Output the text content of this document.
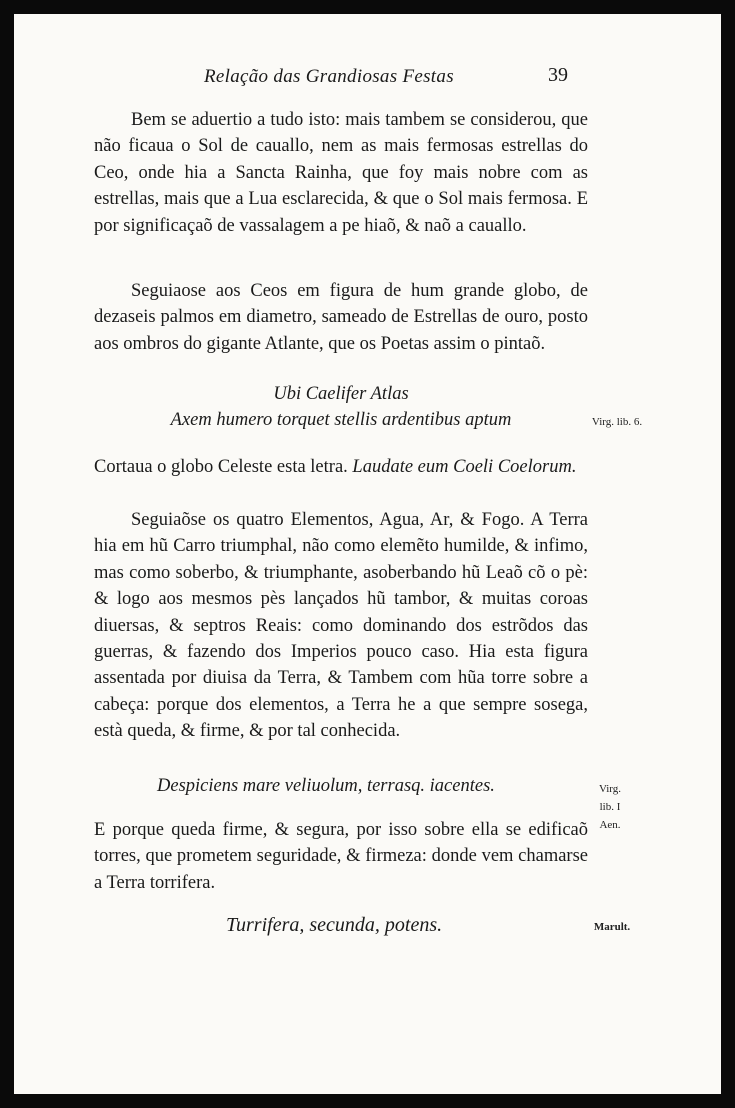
Relação das Grandiosas Festas	39

Bem se aduertio a tudo isto: mais tambem se considerou, que não ficaua o Sol de cauallo, nem as mais fermosas estrellas do Ceo, onde hia a Sancta Rainha, que foy mais nobre com as estrellas, mais que a Lua esclarecida, & que o Sol mais fermosa. E por significaçaõ de vassalagem a pe hiaõ, & naõ a cauallo.

Seguiaose aos Ceos em figura de hum grande globo, de dezaseis palmos em diametro, sameado de Estrellas de ouro, posto aos ombros do gigante Atlante, que os Poetas assim o pintaõ.

Ubi Caelifer Atlas

Axem humero torquet stellis ardentibus aptum	Virg. lib. 6.

Cortaua o globo Celeste esta letra. Laudate eum Coeli Coelorum.

Seguiaõse os quatro Elementos, Agua, Ar, & Fogo. A Terra hia em hũ Carro triumphal, não como elemẽto humilde, & infimo, mas como soberbo, & triumphante, asoberbando hũ Leaõ cõ o pè: & logo aos mesmos pès lançados hũ tambor, & muitas coroas diuersas, & septros Reais: como dominando dos estrõdos das guerras, & fazendo dos Imperios pouco caso. Hia esta figura assentada por diuisa da Terra, & Tambem com hũa torre sobre a cabeça: porque dos elementos, a Terra he a que sempre sosega, està queda, & firme, & por tal conhecida.

Despiciens mare veliuolum, terrasq. iacentes.	Virg.
lib. I
Aen.

E porque queda firme, & segura, por isso sobre ella se edificaõ torres, que prometem seguridade, & firmeza: donde vem chamarse a Terra torrifera.

Turrifera, secunda, potens.	Marult.
